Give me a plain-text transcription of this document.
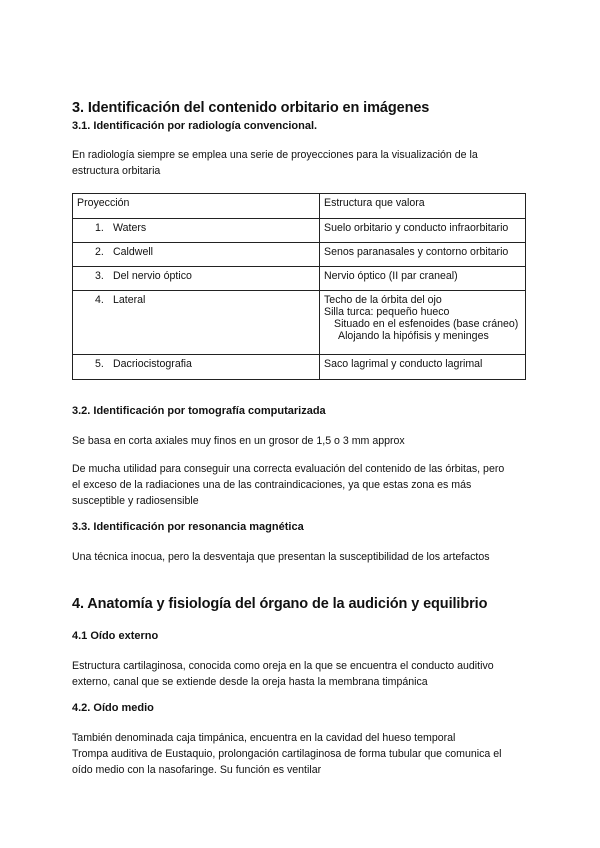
3. Identificación del contenido orbitario en imágenes
3.1. Identificación por radiología convencional.
En radiología siempre se emplea una serie de proyecciones para la visualización de la
estructura orbitaria
Proyección	Estructura que valora
1. Waters	Suelo orbitario y conducto infraorbitario

2. Caldwell	Senos paranasales y contorno orbitario

3. Del nervio óptico	Nervio óptico (II par craneal)

4. Lateral	Techo de la órbita del ojo
Silla turca: pequeño hueco
Situado en el esfenoides (base cráneo)
Alojando la hipófisis y meninges

5. Dacriocistografia	Saco lagrimal y conducto lagrimal
3.2. Identificación por tomografía computarizada
Se basa en corta axiales muy finos en un grosor de 1,5 o 3 mm approx
De mucha utilidad para conseguir una correcta evaluación del contenido de las órbitas, pero
el exceso de la radiaciones una de las contraindicaciones, ya que estas zona es más
susceptible y radiosensible
3.3. Identificación por resonancia magnética
Una técnica inocua, pero la desventaja que presentan la susceptibilidad de los artefactos
4. Anatomía y fisiología del órgano de la audición y equilibrio
4.1 Oído externo
Estructura cartilaginosa, conocida como oreja en la que se encuentra el conducto auditivo
externo, canal que se extiende desde la oreja hasta la membrana timpánica
4.2. Oído medio
También denominada caja timpánica, encuentra en la cavidad del hueso temporal
Trompa auditiva de Eustaquio, prolongación cartilaginosa de forma tubular que comunica el
oído medio con la nasofaringe. Su función es ventilar
